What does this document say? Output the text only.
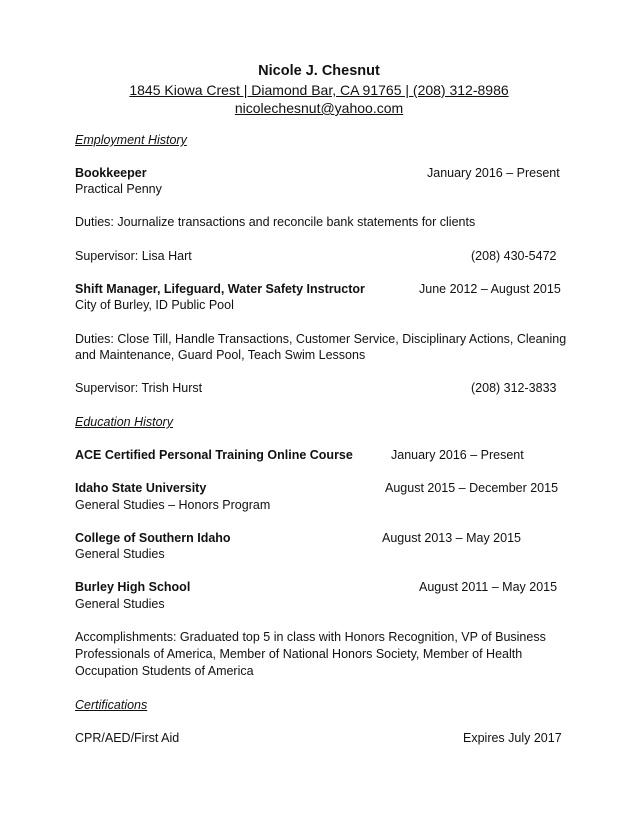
Nicole J. Chesnut
1845 Kiowa Crest | Diamond Bar, CA 91765 | (208) 312-8986
nicolechesnut@yahoo.com
Employment History
Bookkeeper	January 2016 – Present
Practical Penny
Duties: Journalize transactions and reconcile bank statements for clients
Supervisor: Lisa Hart	(208) 430-5472
Shift Manager, Lifeguard, Water Safety Instructor	June 2012 – August 2015
City of Burley, ID Public Pool
Duties: Close Till, Handle Transactions, Customer Service, Disciplinary Actions, Cleaning
and Maintenance, Guard Pool, Teach Swim Lessons
Supervisor: Trish Hurst	(208) 312-3833
Education History
ACE Certified Personal Training Online Course	January 2016 – Present
Idaho State University	August 2015 – December 2015
General Studies – Honors Program
College of Southern Idaho	August 2013 – May 2015
General Studies
Burley High School	August 2011 – May 2015
General Studies
Accomplishments: Graduated top 5 in class with Honors Recognition, VP of Business
Professionals of America, Member of National Honors Society, Member of Health
Occupation Students of America
Certifications
CPR/AED/First Aid	Expires July 2017
